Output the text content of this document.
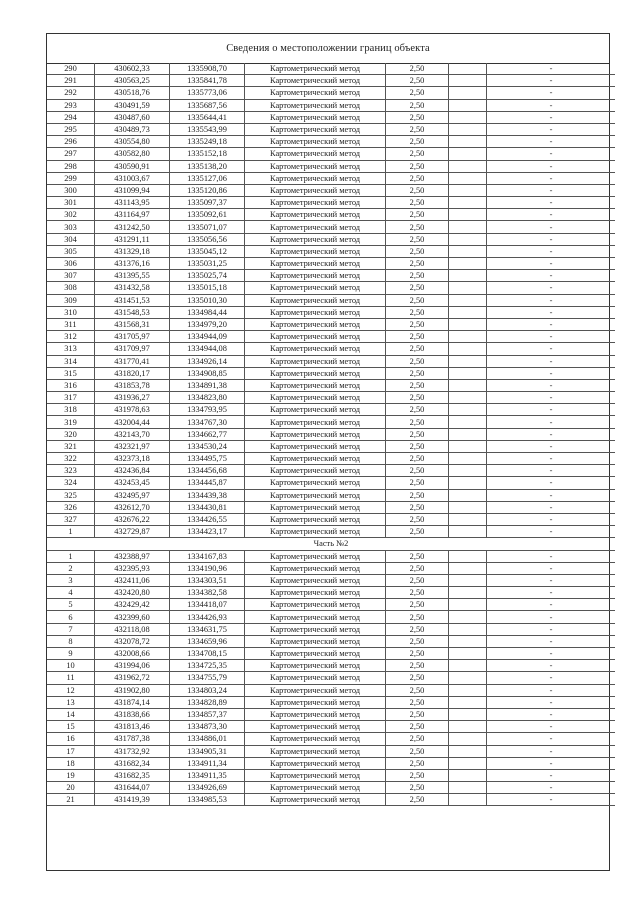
Сведения о местоположении границ объекта
290	430602,33	1335908,70	Картометрический метод	2,50		-
291	430563,25	1335841,78	Картометрический метод	2,50		-
292	430518,76	1335773,06	Картометрический метод	2,50		-
293	430491,59	1335687,56	Картометрический метод	2,50		-
294	430487,60	1335644,41	Картометрический метод	2,50		-
295	430489,73	1335543,99	Картометрический метод	2,50		-
296	430554,80	1335249,18	Картометрический метод	2,50		-
297	430582,80	1335152,18	Картометрический метод	2,50		-
298	430590,91	1335138,20	Картометрический метод	2,50		-
299	431003,67	1335127,06	Картометрический метод	2,50		-
300	431099,94	1335120,86	Картометрический метод	2,50		-
301	431143,95	1335097,37	Картометрический метод	2,50		-
302	431164,97	1335092,61	Картометрический метод	2,50		-
303	431242,50	1335071,07	Картометрический метод	2,50		-
304	431291,11	1335056,56	Картометрический метод	2,50		-
305	431329,18	1335045,12	Картометрический метод	2,50		-
306	431376,16	1335031,25	Картометрический метод	2,50		-
307	431395,55	1335025,74	Картометрический метод	2,50		-
308	431432,58	1335015,18	Картометрический метод	2,50		-
309	431451,53	1335010,30	Картометрический метод	2,50		-
310	431548,53	1334984,44	Картометрический метод	2,50		-
311	431568,31	1334979,20	Картометрический метод	2,50		-
312	431705,97	1334944,09	Картометрический метод	2,50		-
313	431709,97	1334944,08	Картометрический метод	2,50		-
314	431770,41	1334926,14	Картометрический метод	2,50		-
315	431820,17	1334908,85	Картометрический метод	2,50		-
316	431853,78	1334891,38	Картометрический метод	2,50		-
317	431936,27	1334823,80	Картометрический метод	2,50		-
318	431978,63	1334793,95	Картометрический метод	2,50		-
319	432004,44	1334767,30	Картометрический метод	2,50		-
320	432143,70	1334662,77	Картометрический метод	2,50		-
321	432321,97	1334530,24	Картометрический метод	2,50		-
322	432373,18	1334495,75	Картометрический метод	2,50		-
323	432436,84	1334456,68	Картометрический метод	2,50		-
324	432453,45	1334445,87	Картометрический метод	2,50		-
325	432495,97	1334439,38	Картометрический метод	2,50		-
326	432612,70	1334430,81	Картометрический метод	2,50		-
327	432676,22	1334426,55	Картометрический метод	2,50		-
1	432729,87	1334423,17	Картометрический метод	2,50		-
Часть №2						
1	432388,97	1334167,83	Картометрический метод	2,50		-
2	432395,93	1334190,96	Картометрический метод	2,50		-
3	432411,06	1334303,51	Картометрический метод	2,50		-
4	432420,80	1334382,58	Картометрический метод	2,50		-
5	432429,42	1334418,07	Картометрический метод	2,50		-
6	432399,60	1334426,93	Картометрический метод	2,50		-
7	432118,08	1334631,75	Картометрический метод	2,50		-
8	432078,72	1334659,96	Картометрический метод	2,50		-
9	432008,66	1334708,15	Картометрический метод	2,50		-
10	431994,06	1334725,35	Картометрический метод	2,50		-
11	431962,72	1334755,79	Картометрический метод	2,50		-
12	431902,80	1334803,24	Картометрический метод	2,50		-
13	431874,14	1334828,89	Картометрический метод	2,50		-
14	431838,66	1334857,37	Картометрический метод	2,50		-
15	431813,46	1334873,30	Картометрический метод	2,50		-
16	431787,38	1334886,01	Картометрический метод	2,50		-
17	431732,92	1334905,31	Картометрический метод	2,50		-
18	431682,34	1334911,34	Картометрический метод	2,50		-
19	431682,35	1334911,35	Картометрический метод	2,50		-
20	431644,07	1334926,69	Картометрический метод	2,50		-
21	431419,39	1334985,53	Картометрический метод	2,50		-
